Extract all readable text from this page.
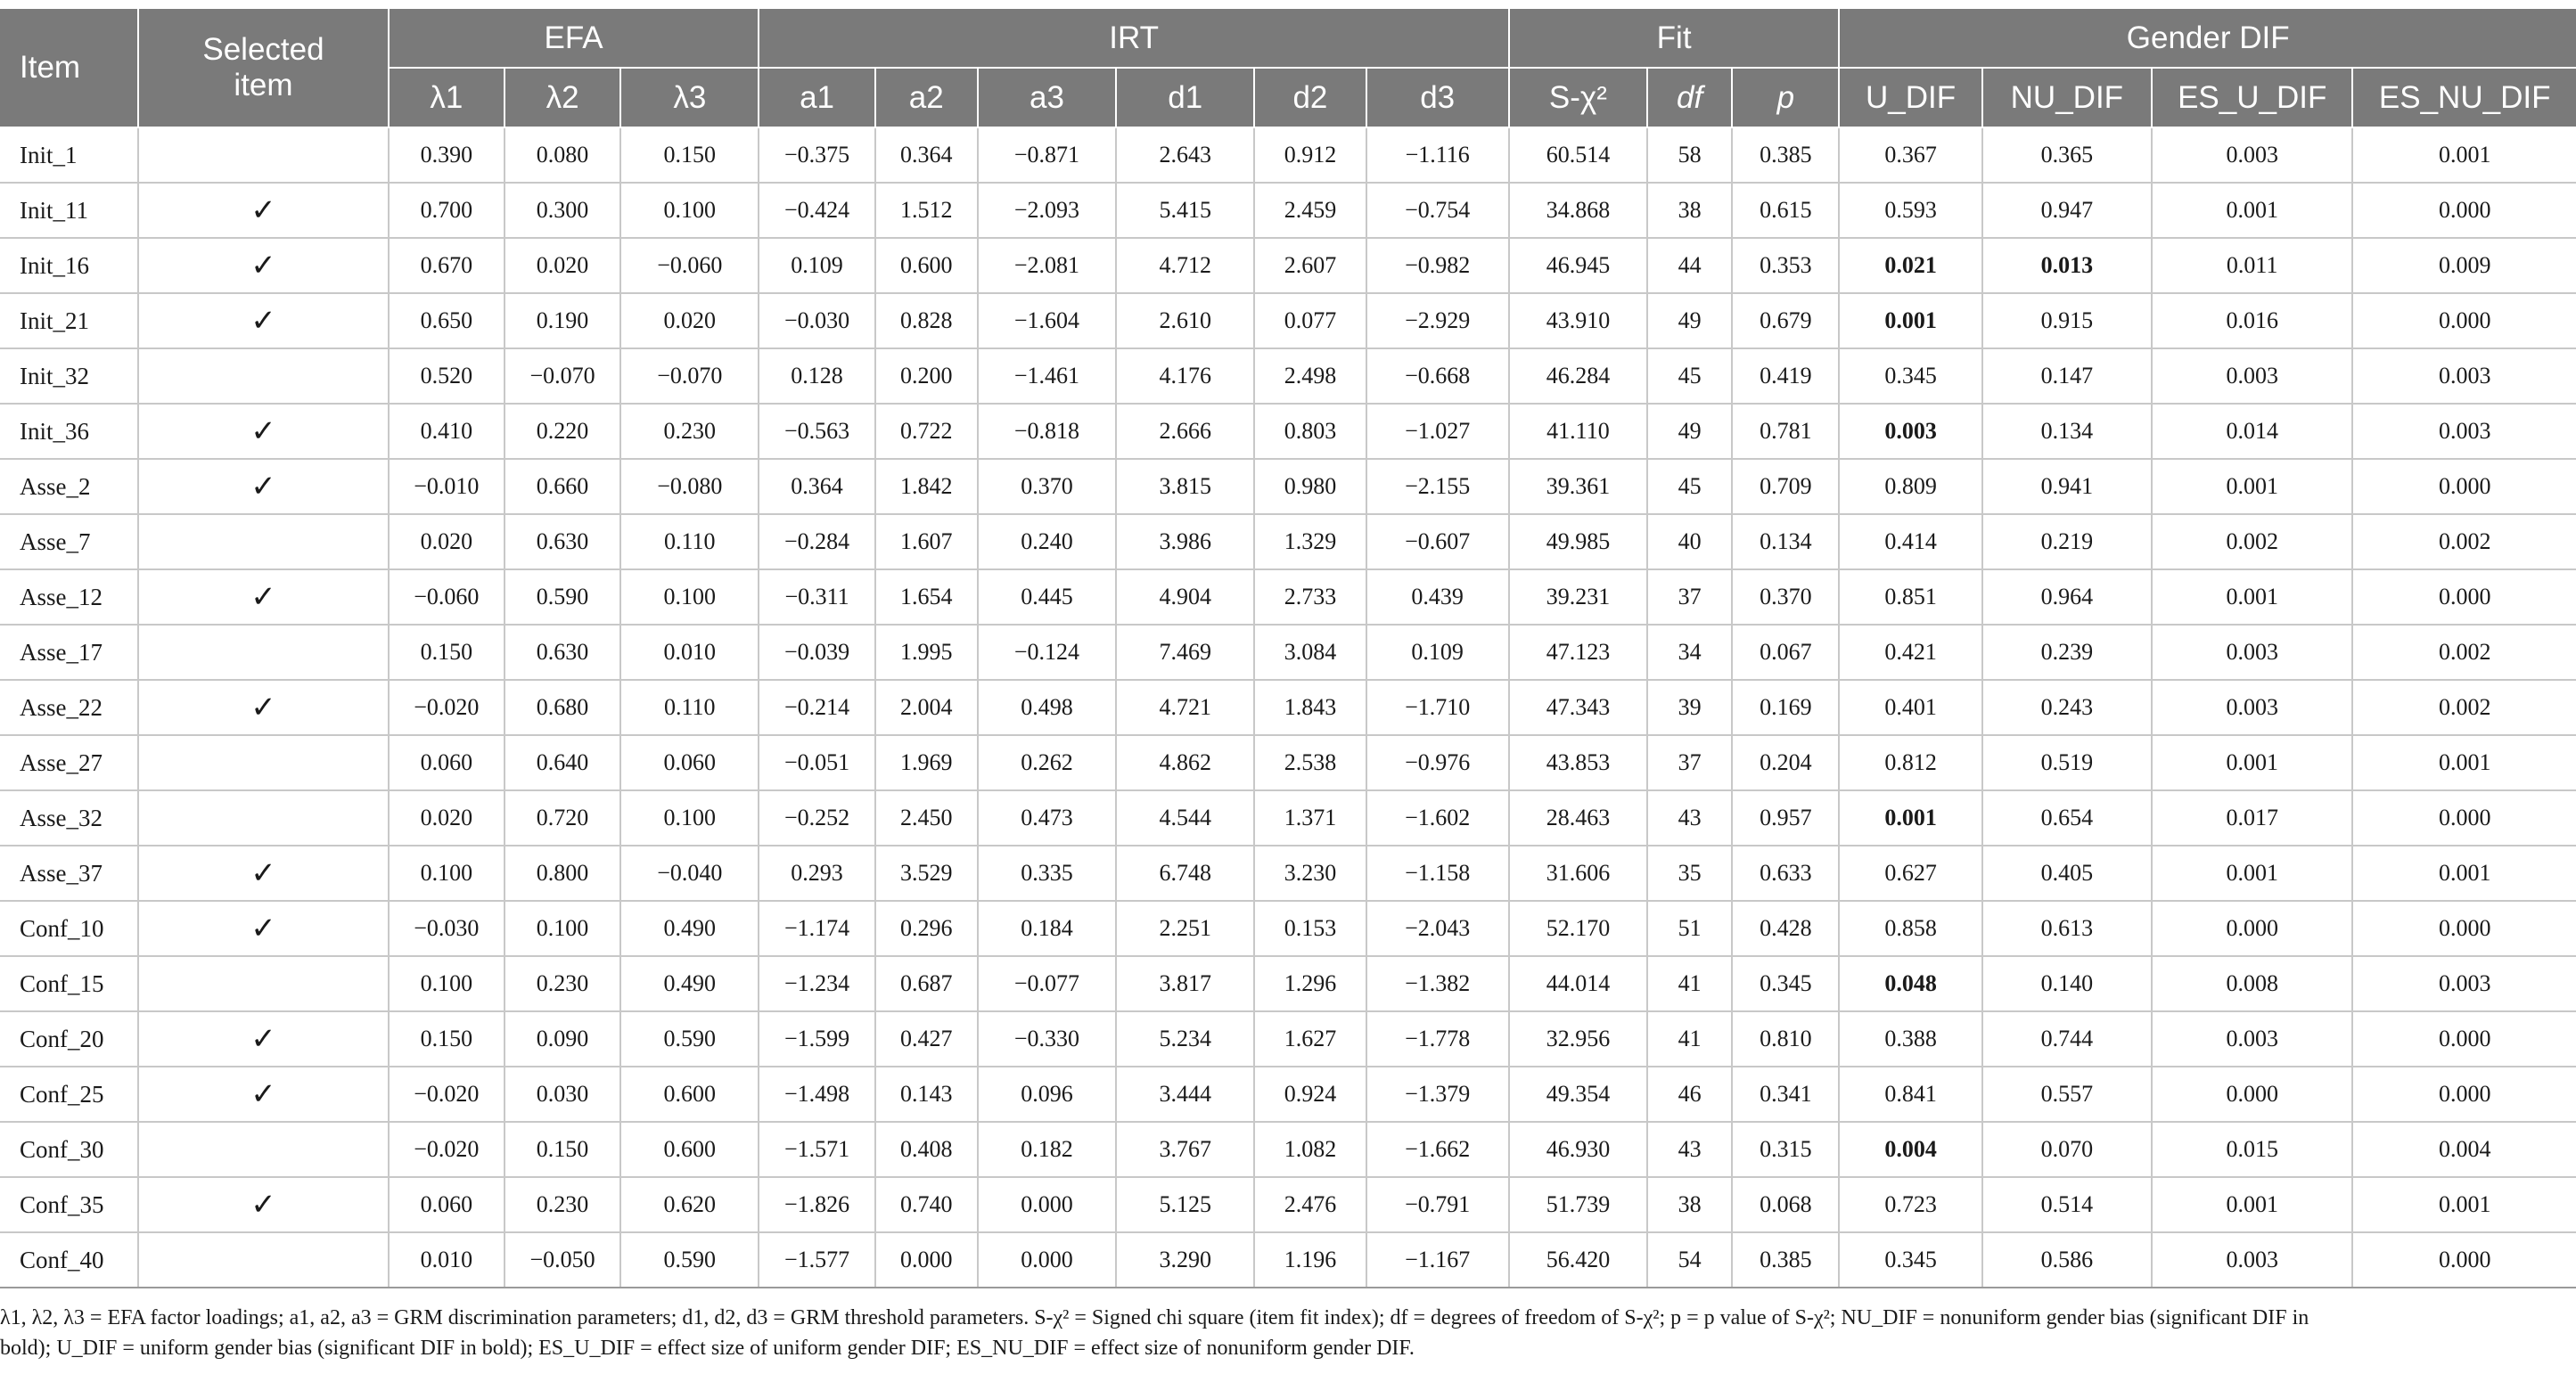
Item	Selected item	EFA			IRT						Fit			Gender DIF			
		λ1	λ2	λ3	a1	a2	a3	d1	d2	d3	S-χ²	df	p	U_DIF	NU_DIF	ES_U_DIF	ES_NU_DIF
Init_1		0.390	0.080	0.150	−0.375	0.364	−0.871	2.643	0.912	−1.116	60.514	58	0.385	0.367	0.365	0.003	0.001
Init_11	✓	0.700	0.300	0.100	−0.424	1.512	−2.093	5.415	2.459	−0.754	34.868	38	0.615	0.593	0.947	0.001	0.000
Init_16	✓	0.670	0.020	−0.060	0.109	0.600	−2.081	4.712	2.607	−0.982	46.945	44	0.353	0.021	0.013	0.011	0.009
Init_21	✓	0.650	0.190	0.020	−0.030	0.828	−1.604	2.610	0.077	−2.929	43.910	49	0.679	0.001	0.915	0.016	0.000
Init_32		0.520	−0.070	−0.070	0.128	0.200	−1.461	4.176	2.498	−0.668	46.284	45	0.419	0.345	0.147	0.003	0.003
Init_36	✓	0.410	0.220	0.230	−0.563	0.722	−0.818	2.666	0.803	−1.027	41.110	49	0.781	0.003	0.134	0.014	0.003
Asse_2	✓	−0.010	0.660	−0.080	0.364	1.842	0.370	3.815	0.980	−2.155	39.361	45	0.709	0.809	0.941	0.001	0.000
Asse_7		0.020	0.630	0.110	−0.284	1.607	0.240	3.986	1.329	−0.607	49.985	40	0.134	0.414	0.219	0.002	0.002
Asse_12	✓	−0.060	0.590	0.100	−0.311	1.654	0.445	4.904	2.733	0.439	39.231	37	0.370	0.851	0.964	0.001	0.000
Asse_17		0.150	0.630	0.010	−0.039	1.995	−0.124	7.469	3.084	0.109	47.123	34	0.067	0.421	0.239	0.003	0.002
Asse_22	✓	−0.020	0.680	0.110	−0.214	2.004	0.498	4.721	1.843	−1.710	47.343	39	0.169	0.401	0.243	0.003	0.002
Asse_27		0.060	0.640	0.060	−0.051	1.969	0.262	4.862	2.538	−0.976	43.853	37	0.204	0.812	0.519	0.001	0.001
Asse_32		0.020	0.720	0.100	−0.252	2.450	0.473	4.544	1.371	−1.602	28.463	43	0.957	0.001	0.654	0.017	0.000
Asse_37	✓	0.100	0.800	−0.040	0.293	3.529	0.335	6.748	3.230	−1.158	31.606	35	0.633	0.627	0.405	0.001	0.001
Conf_10	✓	−0.030	0.100	0.490	−1.174	0.296	0.184	2.251	0.153	−2.043	52.170	51	0.428	0.858	0.613	0.000	0.000
Conf_15		0.100	0.230	0.490	−1.234	0.687	−0.077	3.817	1.296	−1.382	44.014	41	0.345	0.048	0.140	0.008	0.003
Conf_20	✓	0.150	0.090	0.590	−1.599	0.427	−0.330	5.234	1.627	−1.778	32.956	41	0.810	0.388	0.744	0.003	0.000
Conf_25	✓	−0.020	0.030	0.600	−1.498	0.143	0.096	3.444	0.924	−1.379	49.354	46	0.341	0.841	0.557	0.000	0.000
Conf_30		−0.020	0.150	0.600	−1.571	0.408	0.182	3.767	1.082	−1.662	46.930	43	0.315	0.004	0.070	0.015	0.004
Conf_35	✓	0.060	0.230	0.620	−1.826	0.740	0.000	5.125	2.476	−0.791	51.739	38	0.068	0.723	0.514	0.001	0.001
Conf_40		0.010	−0.050	0.590	−1.577	0.000	0.000	3.290	1.196	−1.167	56.420	54	0.385	0.345	0.586	0.003	0.000
λ1, λ2, λ3 = EFA factor loadings; a1, a2, a3 = GRM discrimination parameters; d1, d2, d3 = GRM threshold parameters. S-χ² = Signed chi square (item fit index); df = degrees of freedom of S-χ²; p = p value of S-χ²; NU_DIF = nonuniform gender bias (significant DIF in
bold); U_DIF = uniform gender bias (significant DIF in bold); ES_U_DIF = effect size of uniform gender DIF; ES_NU_DIF = effect size of nonuniform gender DIF.
